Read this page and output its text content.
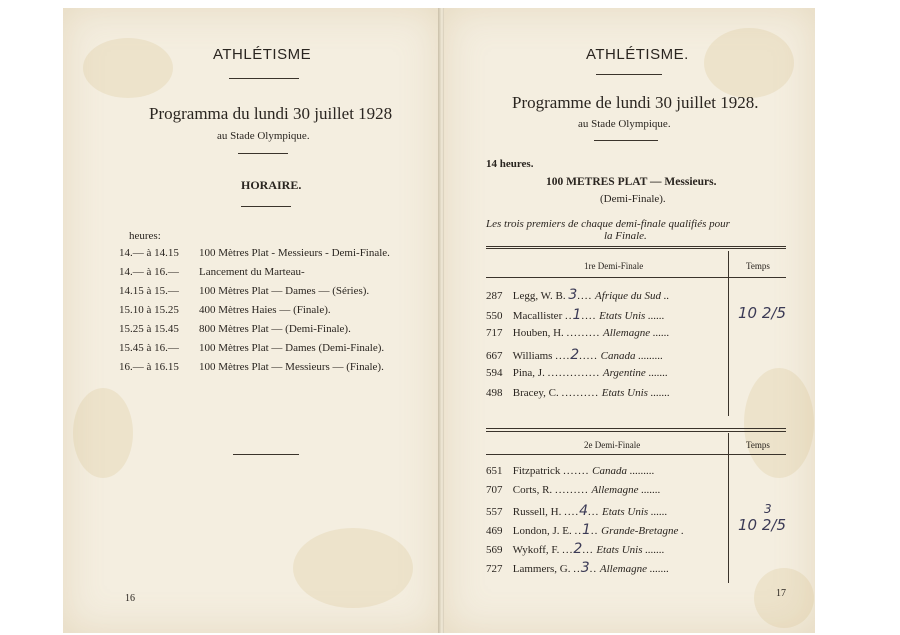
ATHLÉTISME
Programma du lundi 30 juillet 1928
au Stade Olympique.
HORAIRE.
heures:
14.— à 14.15 100 Mètres Plat - Messieurs - Demi-Finale.
14.— à 16.— Lancement du Marteau-
14.15 à 15.— 100 Mètres Plat — Dames — (Séries).
15.10 à 15.25 400 Mètres Haies — (Finale).
15.25 à 15.45 800 Mètres Plat — (Demi-Finale).
15.45 à 16.— 100 Mètres Plat — Dames (Demi-Finale).
16.— à 16.15 100 Mètres Plat — Messieurs — (Finale).
16
ATHLÉTISME.
Programme de lundi 30 juillet 1928.
au Stade Olympique.
14 heures.
100 METRES PLAT — Messieurs.
(Demi-Finale).
Les trois premiers de chaque demi-finale qualifiés pour
la Finale.
1re Demi-Finale	Temps
287 Legg, W. B. 3.... Afrique du Sud ..
550 Macallister ..1.... Etats Unis ......
717 Houben, H. ......... Allemagne ......
667 Williams ....2..... Canada .........
594 Pina, J. .............. Argentine .......
498 Bracey, C. .......... Etats Unis .......
10 2/5
2e Demi-Finale	Temps
651 Fitzpatrick ....... Canada .........
707 Corts, R. ......... Allemagne .......
557 Russell, H. ....4... Etats Unis ......
469 London, J. E. ..1.. Grande-Bretagne .
569 Wykoff, F. ...2... Etats Unis .......
727 Lammers, G. ..3.. Allemagne .......
3
10 2/5
17
